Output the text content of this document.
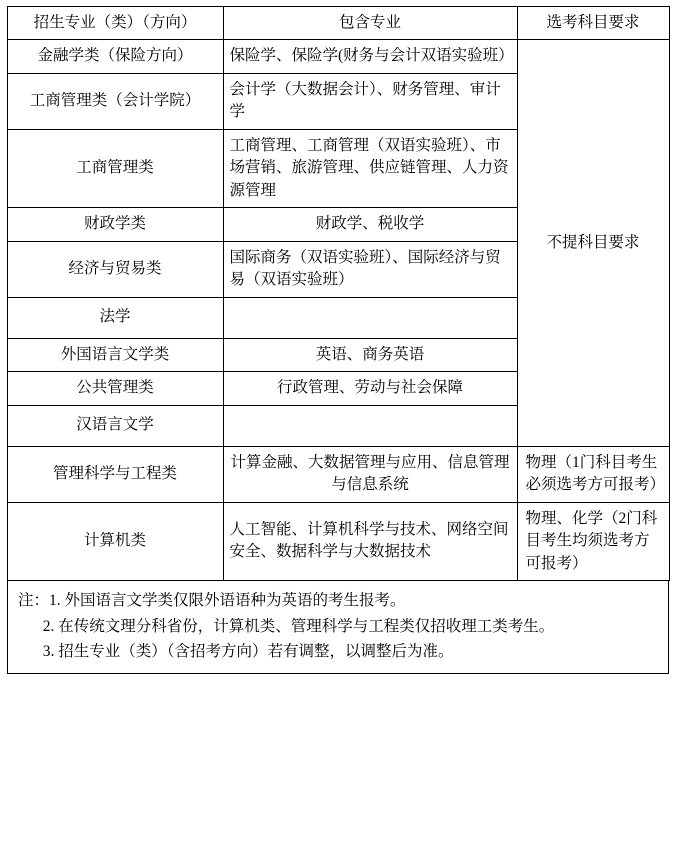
招生专业（类）（方向）	包含专业	选考科目要求
金融学类（保险方向）	保险学、保险学(财务与会计双语实验班）	不提科目要求
工商管理类（会计学院）	会计学（大数据会计）、财务管理、审计学	
工商管理类	工商管理、工商管理（双语实验班）、市场营销、旅游管理、供应链管理、人力资源管理	
财政学类	财政学、税收学	
经济与贸易类	国际商务（双语实验班）、国际经济与贸易（双语实验班）	
法学		
外国语言文学类	英语、商务英语	
公共管理类	行政管理、劳动与社会保障	
汉语言文学		
管理科学与工程类	计算金融、大数据管理与应用、信息管理与信息系统	物理（1门科目考生必须选考方可报考）
计算机类	人工智能、计算机科学与技术、网络空间安全、数据科学与大数据技术	物理、化学（2门科目考生均须选考方可报考）

注：1. 外国语言文学类仅限外语语种为英语的考生报考。

2. 在传统文理分科省份，计算机类、管理科学与工程类仅招收理工类考生。

3. 招生专业（类）（含招考方向）若有调整，以调整后为准。
